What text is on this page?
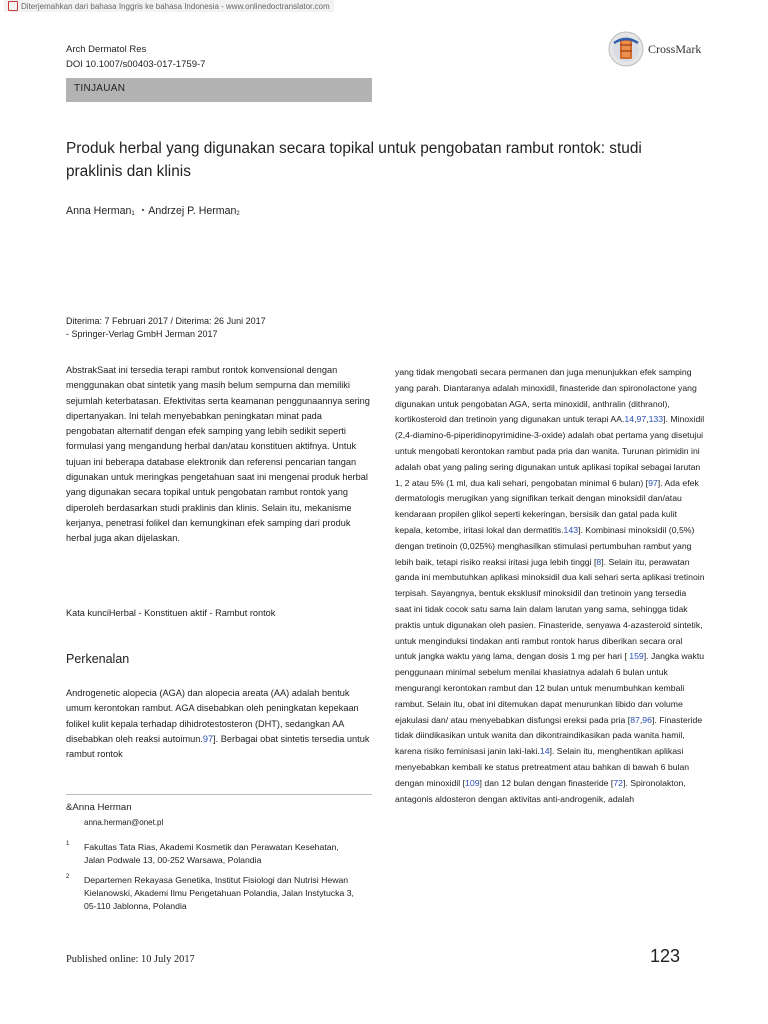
Diterjemahkan dari bahasa Inggris ke bahasa Indonesia - www.onlinedoctranslator.com
Arch Dermatol Res
DOI 10.1007/s00403-017-1759-7
CrossMark
TINJAUAN
Produk herbal yang digunakan secara topikal untuk pengobatan rambut rontok: studi praklinis dan klinis
Anna Herman$^1$ ・Andrzej P. Herman$^2$
Diterima: 7 Februari 2017 / Diterima: 26 Juni 2017
- Springer-Verlag GmbH Jerman 2017

AbstrakSaat ini tersedia terapi rambut rontok konvensional dengan menggunakan obat sintetik yang masih belum sempurna dan memiliki sejumlah keterbatasan. Efektivitas serta keamanan penggunaannya sering dipertanyakan. Ini telah menyebabkan peningkatan minat pada pengobatan alternatif dengan efek samping yang lebih sedikit seperti formulasi yang mengandung herbal dan/atau konstituen aktifnya. Untuk tujuan ini beberapa database elektronik dan referensi pencarian tangan digunakan untuk meringkas pengetahuan saat ini mengenai produk herbal yang digunakan secara topikal untuk pengobatan rambut rontok yang diperoleh berdasarkan studi praklinis dan klinis. Selain itu, mekanisme kerjanya, penetrasi folikel dan kemungkinan efek samping dari produk herbal juga akan dijelaskan.

Kata kunciHerbal - Konstituen aktif - Rambut rontok

Perkenalan

Androgenetic alopecia (AGA) dan alopecia areata (AA) adalah bentuk umum kerontokan rambut. AGA disebabkan oleh peningkatan kepekaan folikel kulit kepala terhadap dihidrotestosteron (DHT), sedangkan AA disebabkan oleh reaksi autoimun.97]. Berbagai obat sintetis tersedia untuk rambut rontok

&Anna Herman
anna.herman@onet.pl
1 Fakultas Tata Rias, Akademi Kosmetik dan Perawatan Kesehatan, Jalan Podwale 13, 00-252 Warsawa, Polandia
2 Departemen Rekayasa Genetika, Institut Fisiologi dan Nutrisi Hewan Kielanowski, Akademi Ilmu Pengetahuan Polandia, Jalan Instytucka 3, 05-110 Jablonna, Polandia

yang tidak mengobati secara permanen dan juga menunjukkan efek samping yang parah. Diantaranya adalah minoxidil, finasteride dan spironolactone yang digunakan untuk pengobatan AGA, serta minoxidil, anthralin (dithranol), kortikosteroid dan tretinoin yang digunakan untuk terapi AA.14,97,133]. Minoxidil (2,4-diamino-6-piperidinopyrimidine-3-oxide) adalah obat pertama yang disetujui untuk mengobati kerontokan rambut pada pria dan wanita. Turunan pirimidin ini adalah obat yang paling sering digunakan untuk aplikasi topikal sebagai larutan 1, 2 atau 5% (1 ml, dua kali sehari, pengobatan minimal 6 bulan) [97]. Ada efek dermatologis merugikan yang signifikan terkait dengan minoksidil dan/atau kendaraan propilen glikol seperti kekeringan, bersisik dan gatal pada kulit kepala, ketombe, iritasi lokal dan dermatitis.143]. Kombinasi minoksidil (0,5%) dengan tretinoin (0,025%) menghasilkan stimulasi pertumbuhan rambut yang lebih baik, tetapi risiko reaksi iritasi juga lebih tinggi [8]. Selain itu, perawatan ganda ini membutuhkan aplikasi minoksidil dua kali sehari serta aplikasi tretinoin terpisah. Sayangnya, bentuk eksklusif minoksidil dan tretinoin yang tersedia saat ini tidak cocok satu sama lain dalam larutan yang sama, sehingga tidak praktis untuk digunakan oleh pasien. Finasteride, senyawa 4-azasteroid sintetik, untuk menginduksi tindakan anti rambut rontok harus diberikan secara oral untuk jangka waktu yang lama, dengan dosis 1 mg per hari [ 159]. Jangka waktu penggunaan minimal sebelum menilai khasiatnya adalah 6 bulan untuk mengurangi kerontokan rambut dan 12 bulan untuk menumbuhkan kembali rambut. Selain itu, obat ini ditemukan dapat menurunkan libido dan volume ejakulasi dan/ atau menyebabkan disfungsi ereksi pada pria [87,96]. Finasteride tidak diindikasikan untuk wanita dan dikontraindikasikan pada wanita hamil, karena risiko feminisasi janin laki-laki.14]. Selain itu, menghentikan aplikasi menyebabkan kembali ke status pretreatment atau bahkan di bawah 6 bulan dengan minoxidil [109] dan 12 bulan dengan finasteride [72]. Spironolakton, antagonis aldosteron dengan aktivitas anti-androgenik, adalah

Published online: 10 July 2017	123
